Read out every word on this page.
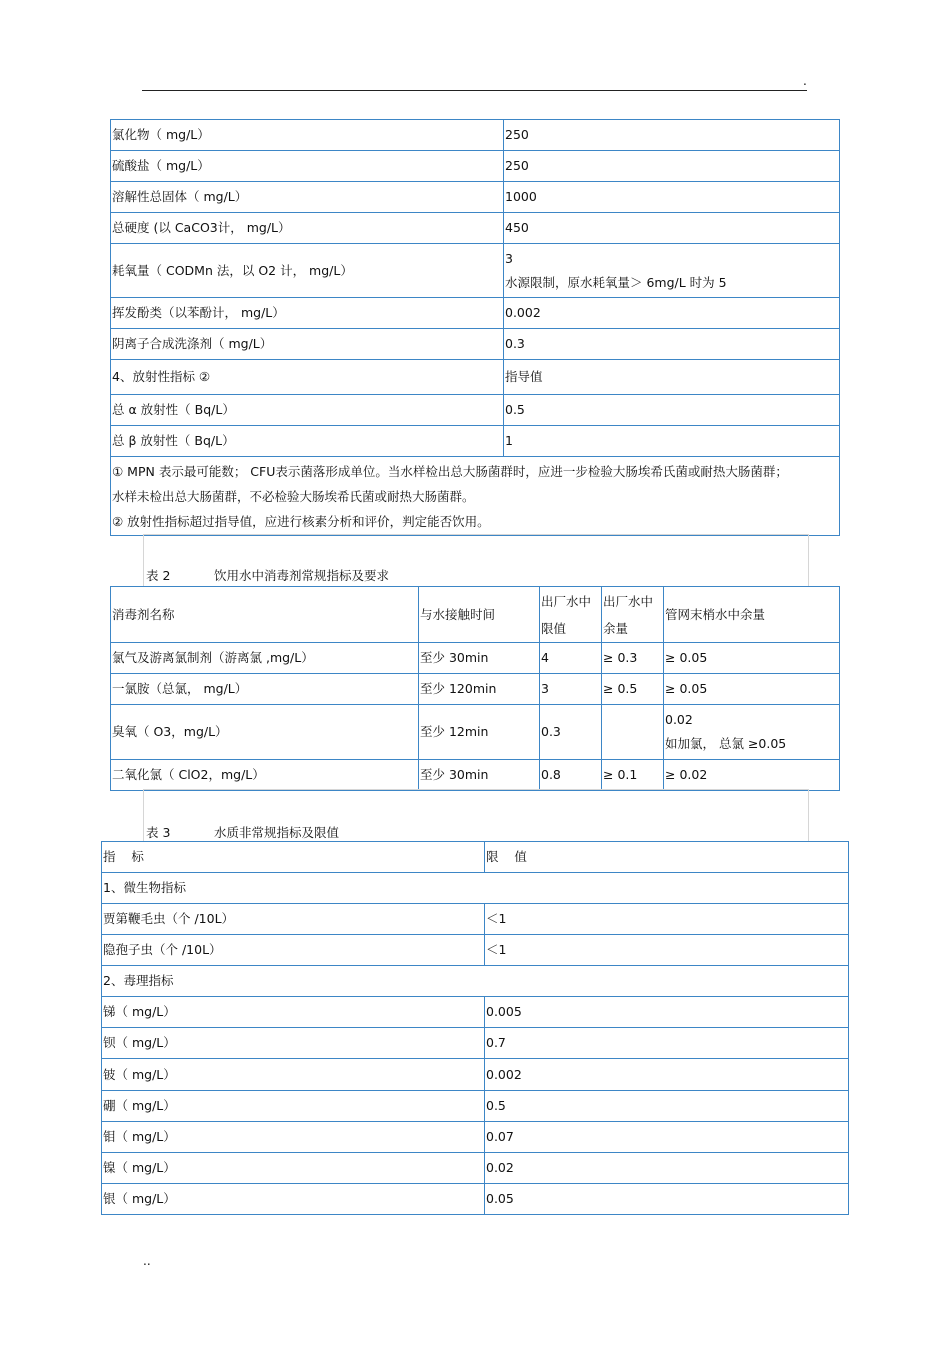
.
氯化物（ mg/L）	250
硫酸盐（ mg/L）	250
溶解性总固体（ mg/L）	1000
总硬度 (以 CaCO3计， mg/L）	450
耗氧量（ CODMn 法，以 O2 计， mg/L）	3
水源限制，原水耗氧量＞ 6mg/L 时为 5

挥发酚类（以苯酚计， mg/L）	0.002
阴离子合成洗涤剂（ mg/L）	0.3
4、放射性指标 ②	指导值
总 α 放射性（ Bq/L）	0.5
总 β 放射性（ Bq/L）	1

① MPN 表示最可能数； CFU表示菌落形成单位。当水样检出总大肠菌群时，应进一步检验大肠埃希氏菌或耐热大肠菌群；水样未检出总大肠菌群，不必检验大肠埃希氏菌或耐热大肠菌群。
② 放射性指标超过指导值，应进行核素分析和评价，判定能否饮用。	
表 2	饮用水中消毒剂常规指标及要求
消毒剂名称	与水接触时间	出厂水中限值	出厂水中余量	管网末梢水中余量
氯气及游离氯制剂（游离氯 ,mg/L）	至少 30min	4	≥ 0.3	≥ 0.05
一氯胺（总氯， mg/L）	至少 120min	3	≥ 0.5	≥ 0.05
臭氧（ O3，mg/L）	至少 12min	0.3		0.02
如加氯， 总氯 ≥0.05

二氧化氯（ ClO2，mg/L）	至少 30min	0.8	≥ 0.1	≥ 0.02
表 3	水质非常规指标及限值
指    标	限    值
1、微生物指标	
贾第鞭毛虫（个 /10L）	＜1
隐孢子虫（个 /10L）	＜1
2、毒理指标	
锑（ mg/L）	0.005
钡（ mg/L）	0.7
铍（ mg/L）	0.002
硼（ mg/L）	0.5
钼（ mg/L）	0.07
镍（ mg/L）	0.02
银（ mg/L）	0.05
..
